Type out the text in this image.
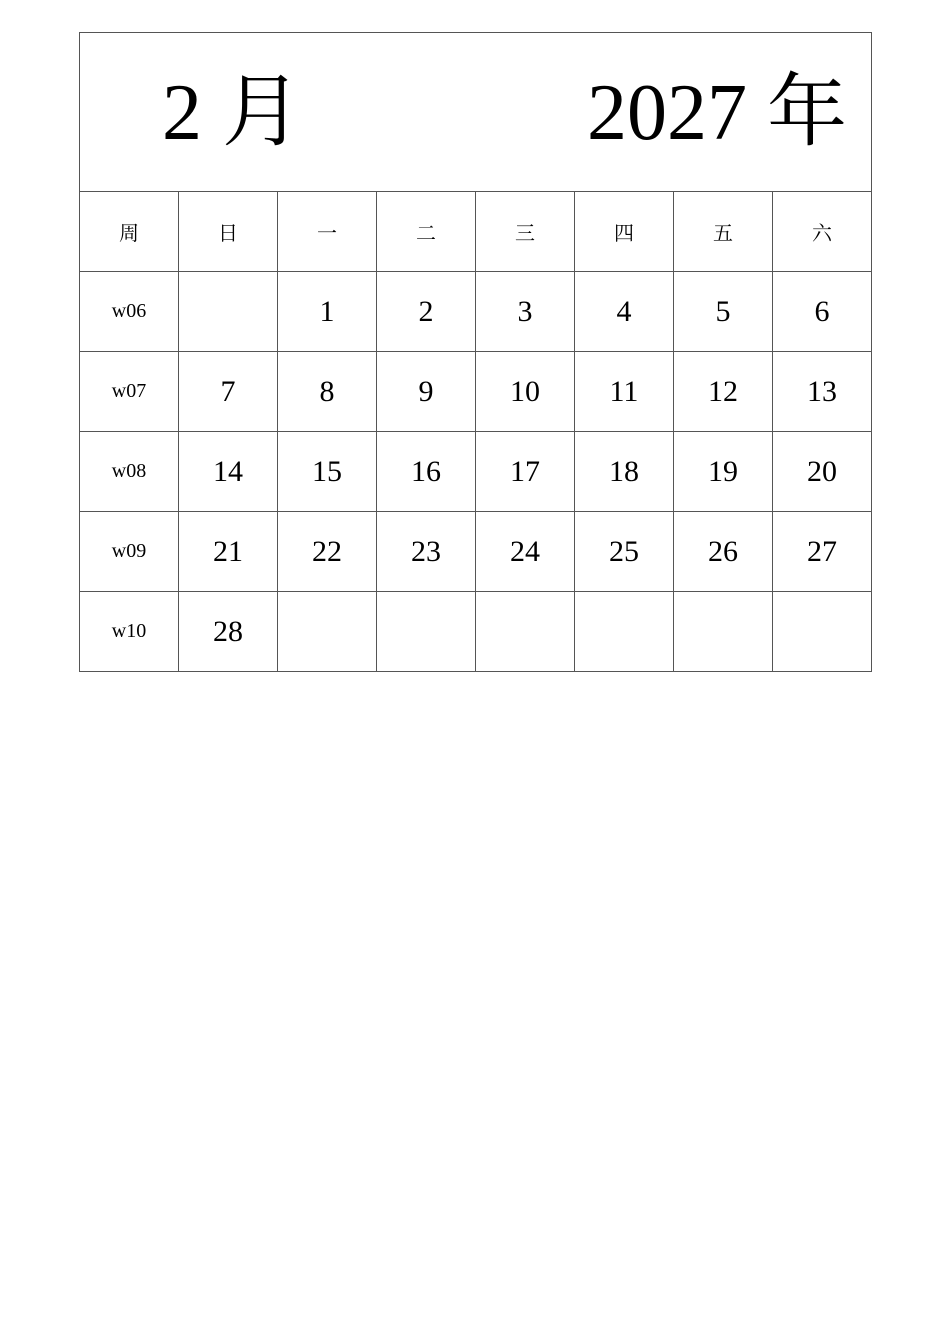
2 月 2027 年							

周	日	一	二	三	四	五	六
w06		1	2	3	4	5	6
w07	7	8	9	10	11	12	13
w08	14	15	16	17	18	19	20
w09	21	22	23	24	25	26	27
w10	28						
